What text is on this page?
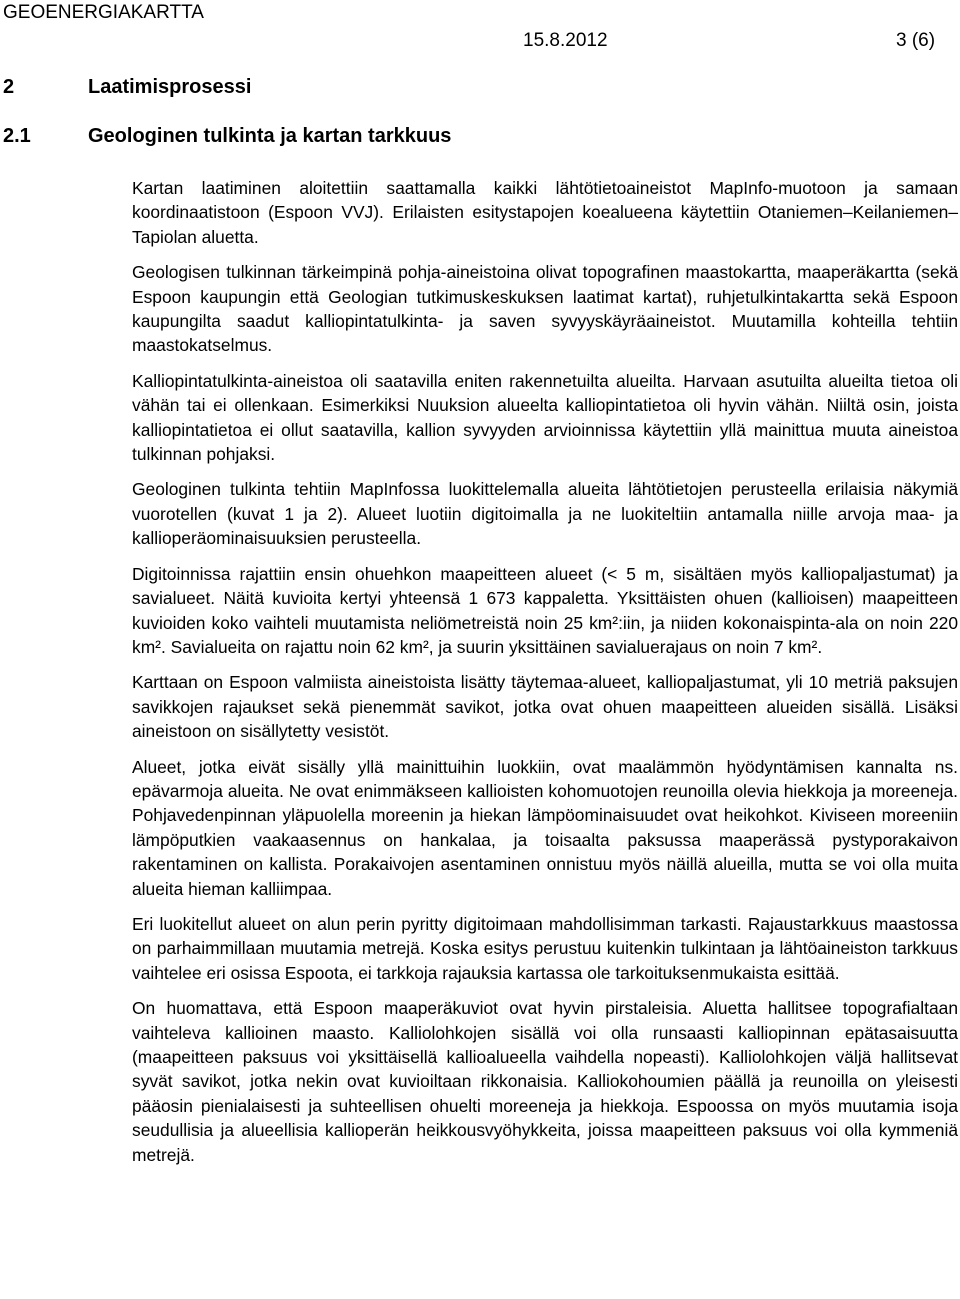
GEOENERGIAKARTTA
15.8.2012	3 (6)
2	Laatimisprosessi
2.1	Geologinen tulkinta ja kartan tarkkuus

Kartan laatiminen aloitettiin saattamalla kaikki lähtötietoaineistot MapInfo-muotoon ja samaan koordinaatistoon (Espoon VVJ). Erilaisten esitystapojen koealueena käytettiin Otaniemen–Keilaniemen–Tapiolan aluetta.

Geologisen tulkinnan tärkeimpinä pohja-aineistoina olivat topografinen maastokartta, maaperäkartta (sekä Espoon kaupungin että Geologian tutkimuskeskuksen laatimat kartat), ruhjetulkintakartta sekä Espoon kaupungilta saadut kalliopintatulkinta- ja saven syvyyskäyräaineistot. Muutamilla kohteilla tehtiin maastokatselmus.

Kalliopintatulkinta-aineistoa oli saatavilla eniten rakennetuilta alueilta. Harvaan asutuilta alueilta tietoa oli vähän tai ei ollenkaan. Esimerkiksi Nuuksion alueelta kalliopintatietoa oli hyvin vähän. Niiltä osin, joista kalliopintatietoa ei ollut saatavilla, kallion syvyyden arvioinnissa käytettiin yllä mainittua muuta aineistoa tulkinnan pohjaksi.

Geologinen tulkinta tehtiin MapInfossa luokittelemalla alueita lähtötietojen perusteella erilaisia näkymiä vuorotellen (kuvat 1 ja 2). Alueet luotiin digitoimalla ja ne luokiteltiin antamalla niille arvoja maa- ja kallioperäominaisuuksien perusteella.

Digitoinnissa rajattiin ensin ohuehkon maapeitteen alueet (< 5 m, sisältäen myös kalliopaljastumat) ja savialueet. Näitä kuvioita kertyi yhteensä 1 673 kappaletta. Yksittäisten ohuen (kallioisen) maapeitteen kuvioiden koko vaihteli muutamista neliömetreistä noin 25 km²:iin, ja niiden kokonaispinta-ala on noin 220 km². Savialueita on rajattu noin 62 km², ja suurin yksittäinen savialuerajaus on noin 7 km².

Karttaan on Espoon valmiista aineistoista lisätty täytemaa-alueet, kalliopaljastumat, yli 10 metriä paksujen savikkojen rajaukset sekä pienemmät savikot, jotka ovat ohuen maapeitteen alueiden sisällä. Lisäksi aineistoon on sisällytetty vesistöt.

Alueet, jotka eivät sisälly yllä mainittuihin luokkiin, ovat maalämmön hyödyntämisen kannalta ns. epävarmoja alueita. Ne ovat enimmäkseen kallioisten kohomuotojen reunoilla olevia hiekkoja ja moreeneja. Pohjavedenpinnan yläpuolella moreenin ja hiekan lämpöominaisuudet ovat heikohkot. Kiviseen moreeniin lämpöputkien vaakaasennus on hankalaa, ja toisaalta paksussa maaperässä pystyporakaivon rakentaminen on kallista. Porakaivojen asentaminen onnistuu myös näillä alueilla, mutta se voi olla muita alueita hieman kalliimpaa.

Eri luokitellut alueet on alun perin pyritty digitoimaan mahdollisimman tarkasti. Rajaustarkkuus maastossa on parhaimmillaan muutamia metrejä. Koska esitys perustuu kuitenkin tulkintaan ja lähtöaineiston tarkkuus vaihtelee eri osissa Espoota, ei tarkkoja rajauksia kartassa ole tarkoituksenmukaista esittää.

On huomattava, että Espoon maaperäkuviot ovat hyvin pirstaleisia. Aluetta hallitsee topografialtaan vaihteleva kallioinen maasto. Kalliolohkojen sisällä voi olla runsaasti kalliopinnan epätasaisuutta (maapeitteen paksuus voi yksittäisellä kallioalueella vaihdella nopeasti). Kalliolohkojen väljä hallitsevat syvät savikot, jotka nekin ovat kuvioiltaan rikkonaisia. Kalliokohoumien päällä ja reunoilla on yleisesti pääosin pienialaisesti ja suhteellisen ohuelti moreeneja ja hiekkoja. Espoossa on myös muutamia isoja seudullisia ja alueellisia kallioperän heikkousvyöhykkeita, joissa maapeitteen paksuus voi olla kymmeniä metrejä.
